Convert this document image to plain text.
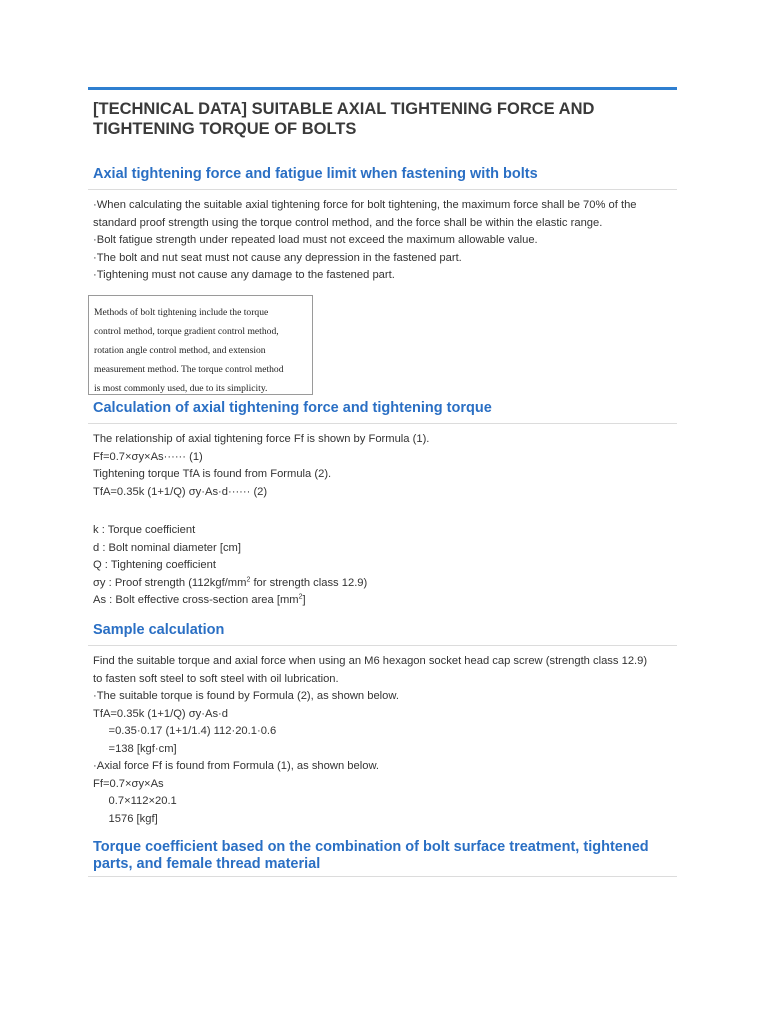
[TECHNICAL DATA] SUITABLE AXIAL TIGHTENING FORCE AND
TIGHTENING TORQUE OF BOLTS
Axial tightening force and fatigue limit when fastening with bolts

·When calculating the suitable axial tightening force for bolt tightening, the maximum force shall be 70% of the

standard proof strength using the torque control method, and the force shall be within the elastic range.

·Bolt fatigue strength under repeated load must not exceed the maximum allowable value.

·The bolt and nut seat must not cause any depression in the fastened part.

·Tightening must not cause any damage to the fastened part.

Methods of bolt tightening include the torque

control method, torque gradient control method,

rotation angle control method, and extension

measurement method. The torque control method

is most commonly used, due to its simplicity.

Calculation of axial tightening force and tightening torque

The relationship of axial tightening force Ff is shown by Formula (1).

Ff=0.7×σy×As······ (1)

Tightening torque TfA is found from Formula (2).

TfA=0.35k (1+1/Q) σy·As·d······ (2)

k : Torque coefficient

d : Bolt nominal diameter [cm]

Q : Tightening coefficient

σy : Proof strength ($112kgf/mm^2$ for strength class 12.9)

As : Bolt effective cross-section area $[mm^2]$

Sample calculation

Find the suitable torque and axial force when using an M6 hexagon socket head cap screw (strength class 12.9)

to fasten soft steel to soft steel with oil lubrication.

·The suitable torque is found by Formula (2), as shown below.

TfA=0.35k (1+1/Q) σy·As·d

=0.35·0.17 (1+1/1.4) 112·20.1·0.6

=138 [kgf·cm]

·Axial force Ff is found from Formula (1), as shown below.

Ff=0.7×σy×As

0.7×112×20.1

1576 [kgf]

Torque coefficient based on the combination of bolt surface treatment, tightened
parts, and female thread material
